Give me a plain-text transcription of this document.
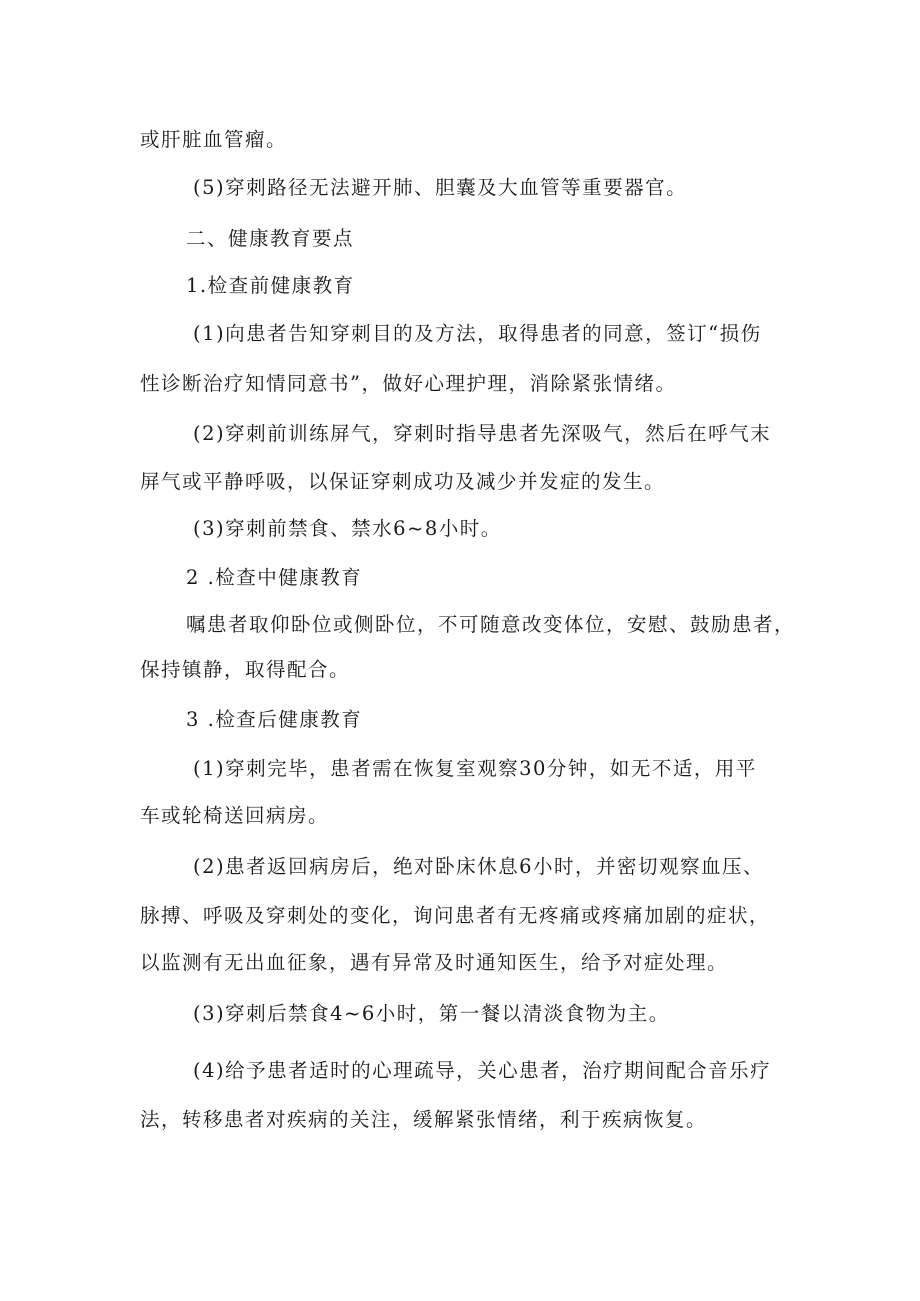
或肝脏血管瘤。
(5)穿刺路径无法避开肺、胆囊及大血管等重要器官。
二、健康教育要点
1.检查前健康教育
(1)向患者告知穿刺目的及方法，取得患者的同意，签订“损伤
性诊断治疗知情同意书”，做好心理护理，消除紧张情绪。
(2)穿刺前训练屏气，穿刺时指导患者先深吸气，然后在呼气末
屏气或平静呼吸，以保证穿刺成功及减少并发症的发生。
(3)穿刺前禁食、禁水6~8小时。
2 .检查中健康教育
嘱患者取仰卧位或侧卧位，不可随意改变体位，安慰、鼓励患者，
保持镇静，取得配合。
3 .检查后健康教育
(1)穿刺完毕，患者需在恢复室观察30分钟，如无不适，用平
车或轮椅送回病房。
(2)患者返回病房后，绝对卧床休息6小时，并密切观察血压、
脉搏、呼吸及穿刺处的变化，询问患者有无疼痛或疼痛加剧的症状，
以监测有无出血征象，遇有异常及时通知医生，给予对症处理。
(3)穿刺后禁食4~6小时，第一餐以清淡食物为主。
(4)给予患者适时的心理疏导，关心患者，治疗期间配合音乐疗
法，转移患者对疾病的关注，缓解紧张情绪，利于疾病恢复。
